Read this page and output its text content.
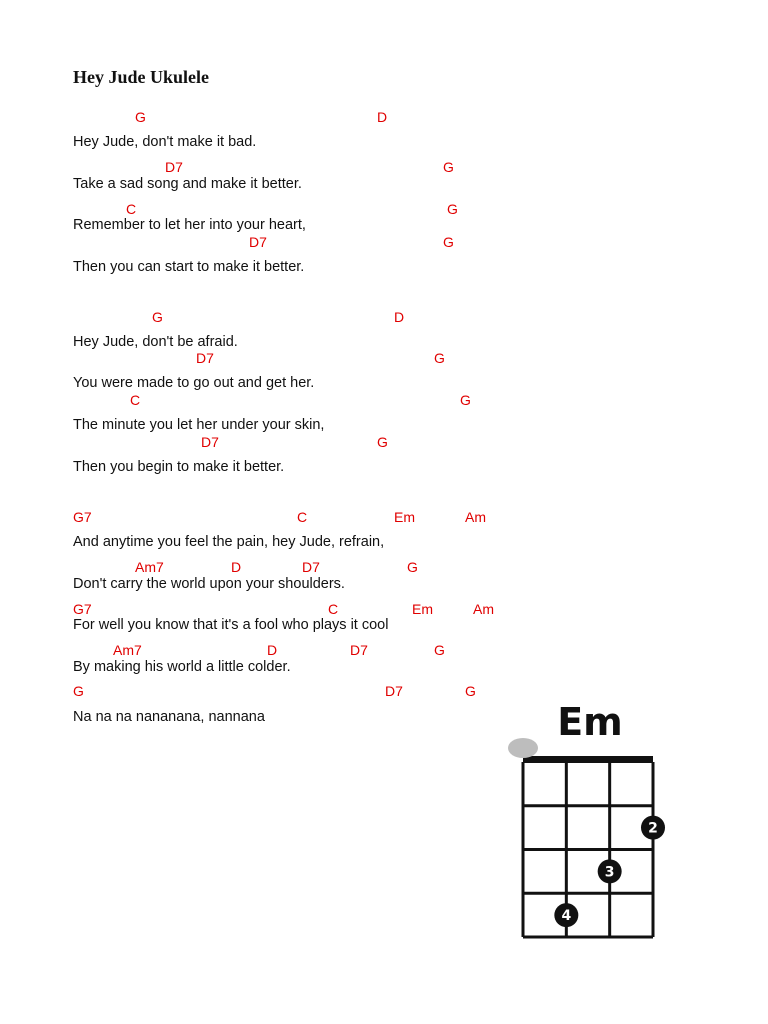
Hey Jude Ukulele
G	D
Hey Jude, don't make it bad.
D7	G
Take a sad song and make it better.
C	G
Remember to let her into your heart,
D7	G
Then you can start to make it better.
G	D
Hey Jude, don't be afraid.
D7	G
You were made to go out and get her.
C	G
The minute you let her under your skin,
D7	G
Then you begin to make it better.
G7	C	Em	Am
And anytime you feel the pain, hey Jude, refrain,
Am7	D	D7	G
Don't carry the world upon your shoulders.
G7	C	Em	Am
For well you know that it's a fool who plays it cool
Am7	D	D7	G
By making his world a little colder.
G	D7	G
Na na na nananana, nannana	Em
2
3
4
